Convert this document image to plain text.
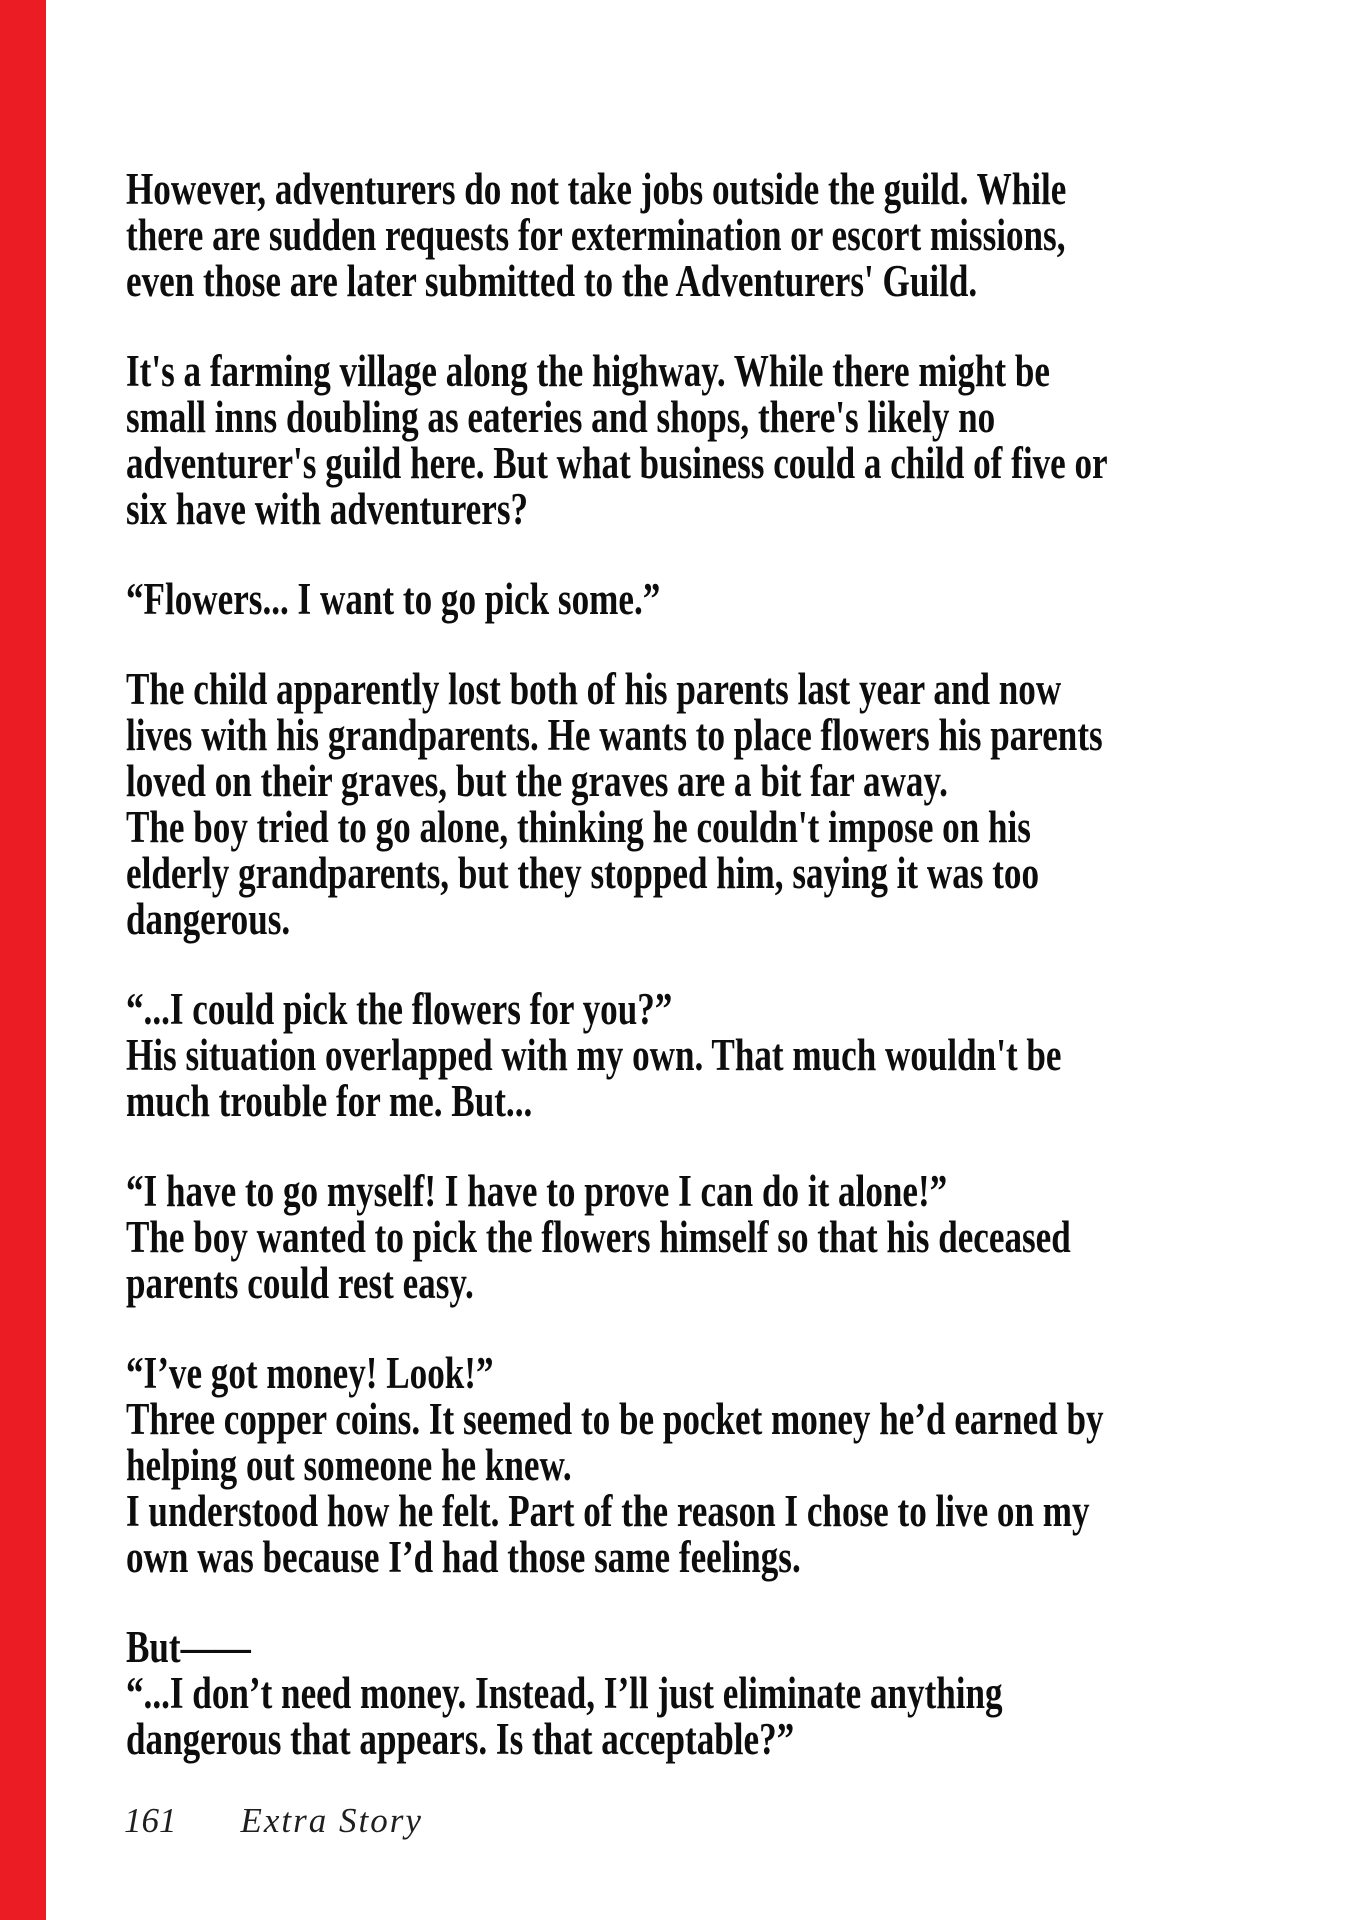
However, adventurers do not take jobs outside the guild. While
there are sudden requests for extermination or escort missions,
even those are later submitted to the Adventurers' Guild.

It's a farming village along the highway. While there might be
small inns doubling as eateries and shops, there's likely no
adventurer's guild here. But what business could a child of five or
six have with adventurers?

“Flowers... I want to go pick some.”

The child apparently lost both of his parents last year and now
lives with his grandparents. He wants to place flowers his parents
loved on their graves, but the graves are a bit far away.
The boy tried to go alone, thinking he couldn't impose on his
elderly grandparents, but they stopped him, saying it was too
dangerous.

“...I could pick the flowers for you?”
His situation overlapped with my own. That much wouldn't be
much trouble for me. But...

“I have to go myself! I have to prove I can do it alone!”
The boy wanted to pick the flowers himself so that his deceased
parents could rest easy.

“I’ve got money! Look!”
Three copper coins. It seemed to be pocket money he’d earned by
helping out someone he knew.
I understood how he felt. Part of the reason I chose to live on my
own was because I’d had those same feelings.

But——
“...I don’t need money. Instead, I’ll just eliminate anything
dangerous that appears. Is that acceptable?”

161 Extra Story
